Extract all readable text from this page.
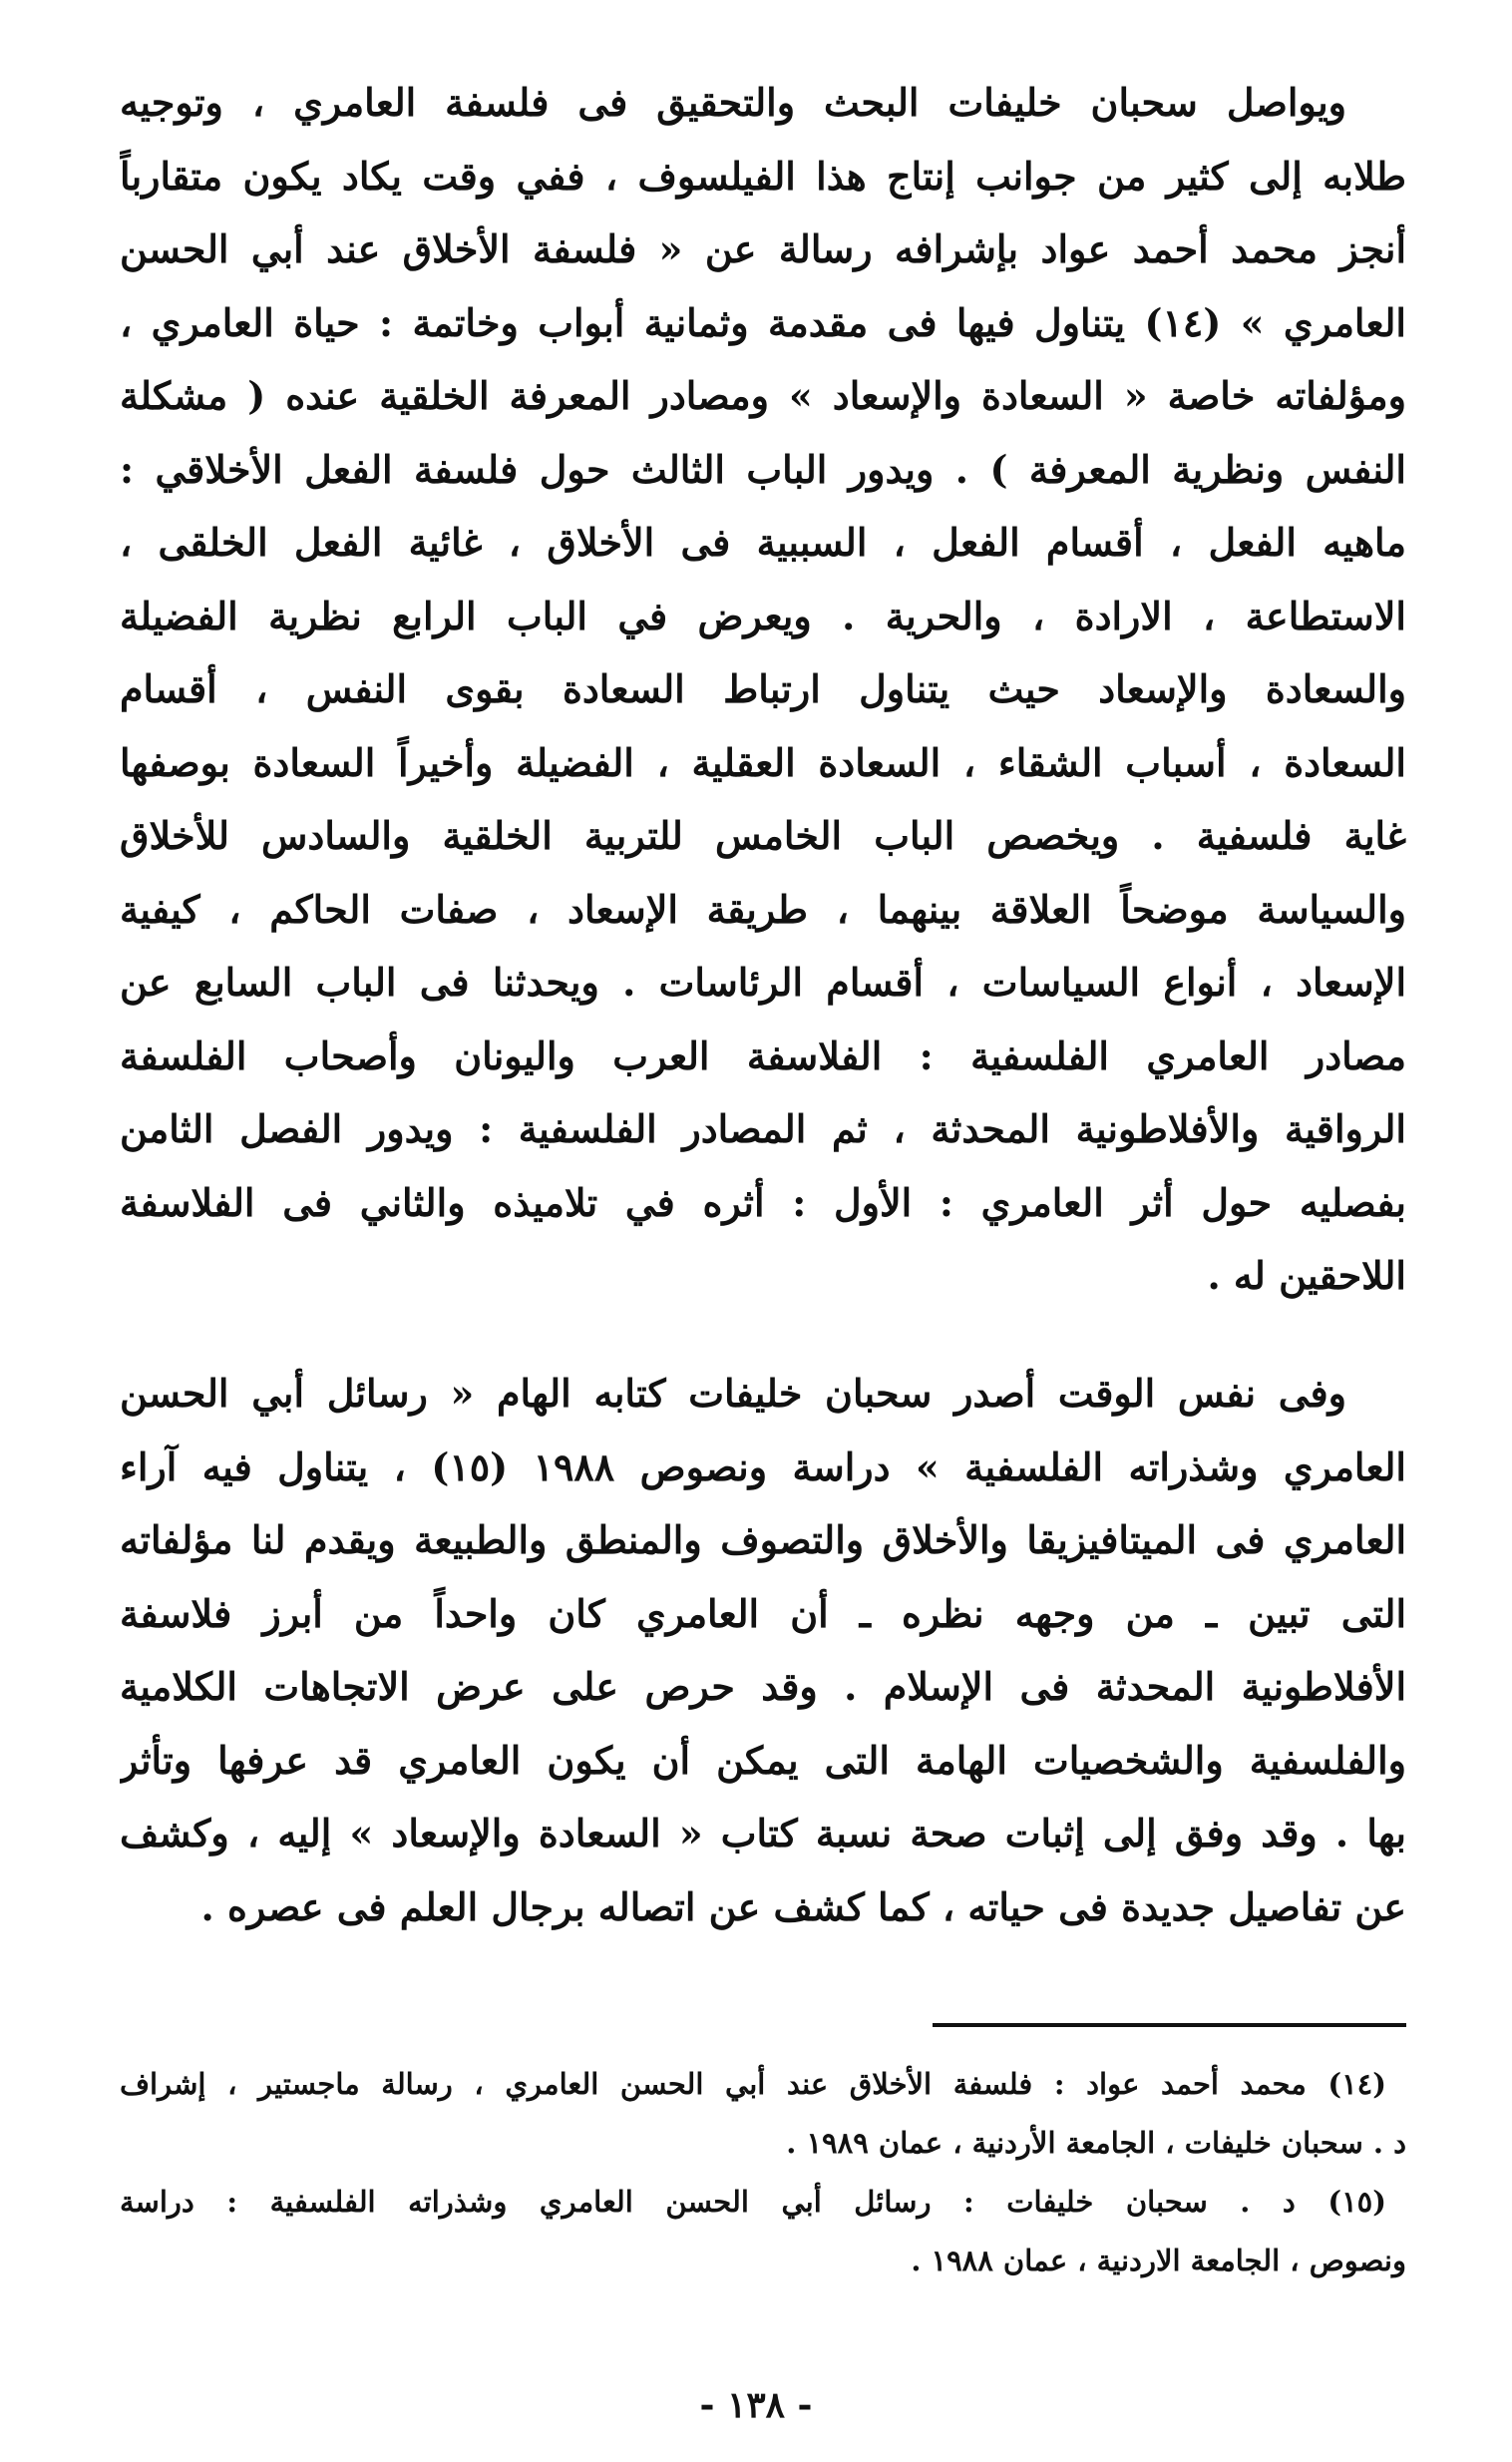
ويواصل سحبان خليفات البحث والتحقيق فى فلسفة العامري ، وتوجيه
طلابه إلى كثير من جوانب إنتاج هذا الفيلسوف ، ففي وقت يكاد يكون متقارباً
أنجز محمد أحمد عواد بإشرافه رسالة عن « فلسفة الأخلاق عند أبي الحسن
العامري » (١٤) يتناول فيها فى مقدمة وثمانية أبواب وخاتمة : حياة العامري ،
ومؤلفاته خاصة « السعادة والإسعاد » ومصادر المعرفة الخلقية عنده ( مشكلة
النفس ونظرية المعرفة ) . ويدور الباب الثالث حول فلسفة الفعل الأخلاقي :
ماهيه الفعل ، أقسام الفعل ، السببية فى الأخلاق ، غائية الفعل الخلقى ،
الاستطاعة ، الارادة ، والحرية . ويعرض في الباب الرابع نظرية الفضيلة
والسعادة والإسعاد حيث يتناول ارتباط السعادة بقوى النفس ، أقسام
السعادة ، أسباب الشقاء ، السعادة العقلية ، الفضيلة وأخيراً السعادة بوصفها
غاية فلسفية . ويخصص الباب الخامس للتربية الخلقية والسادس للأخلاق
والسياسة موضحاً العلاقة بينهما ، طريقة الإسعاد ، صفات الحاكم ، كيفية
الإسعاد ، أنواع السياسات ، أقسام الرئاسات . ويحدثنا فى الباب السابع عن
مصادر العامري الفلسفية : الفلاسفة العرب واليونان وأصحاب الفلسفة
الرواقية والأفلاطونية المحدثة ، ثم المصادر الفلسفية : ويدور الفصل الثامن
بفصليه حول أثر العامري : الأول : أثره في تلاميذه والثاني فى الفلاسفة
اللاحقين له .
وفى نفس الوقت أصدر سحبان خليفات كتابه الهام « رسائل أبي الحسن
العامري وشذراته الفلسفية » دراسة ونصوص ١٩٨٨ (١٥) ، يتناول فيه آراء
العامري فى الميتافيزيقا والأخلاق والتصوف والمنطق والطبيعة ويقدم لنا مؤلفاته
التى تبين ـ من وجهه نظره ـ أن العامري كان واحداً من أبرز فلاسفة
الأفلاطونية المحدثة فى الإسلام . وقد حرص على عرض الاتجاهات الكلامية
والفلسفية والشخصيات الهامة التى يمكن أن يكون العامري قد عرفها وتأثر
بها . وقد وفق إلى إثبات صحة نسبة كتاب « السعادة والإسعاد » إليه ، وكشف
عن تفاصيل جديدة فى حياته ، كما كشف عن اتصاله برجال العلم فى عصره .
(١٤) محمد أحمد عواد : فلسفة الأخلاق عند أبي الحسن العامري ، رسالة ماجستير ، إشراف
د . سحبان خليفات ، الجامعة الأردنية ، عمان ١٩٨٩ .
(١٥) د . سحبان خليفات : رسائل أبي الحسن العامري وشذراته الفلسفية : دراسة
ونصوص ، الجامعة الاردنية ، عمان ١٩٨٨ .
- ١٣٨ -
